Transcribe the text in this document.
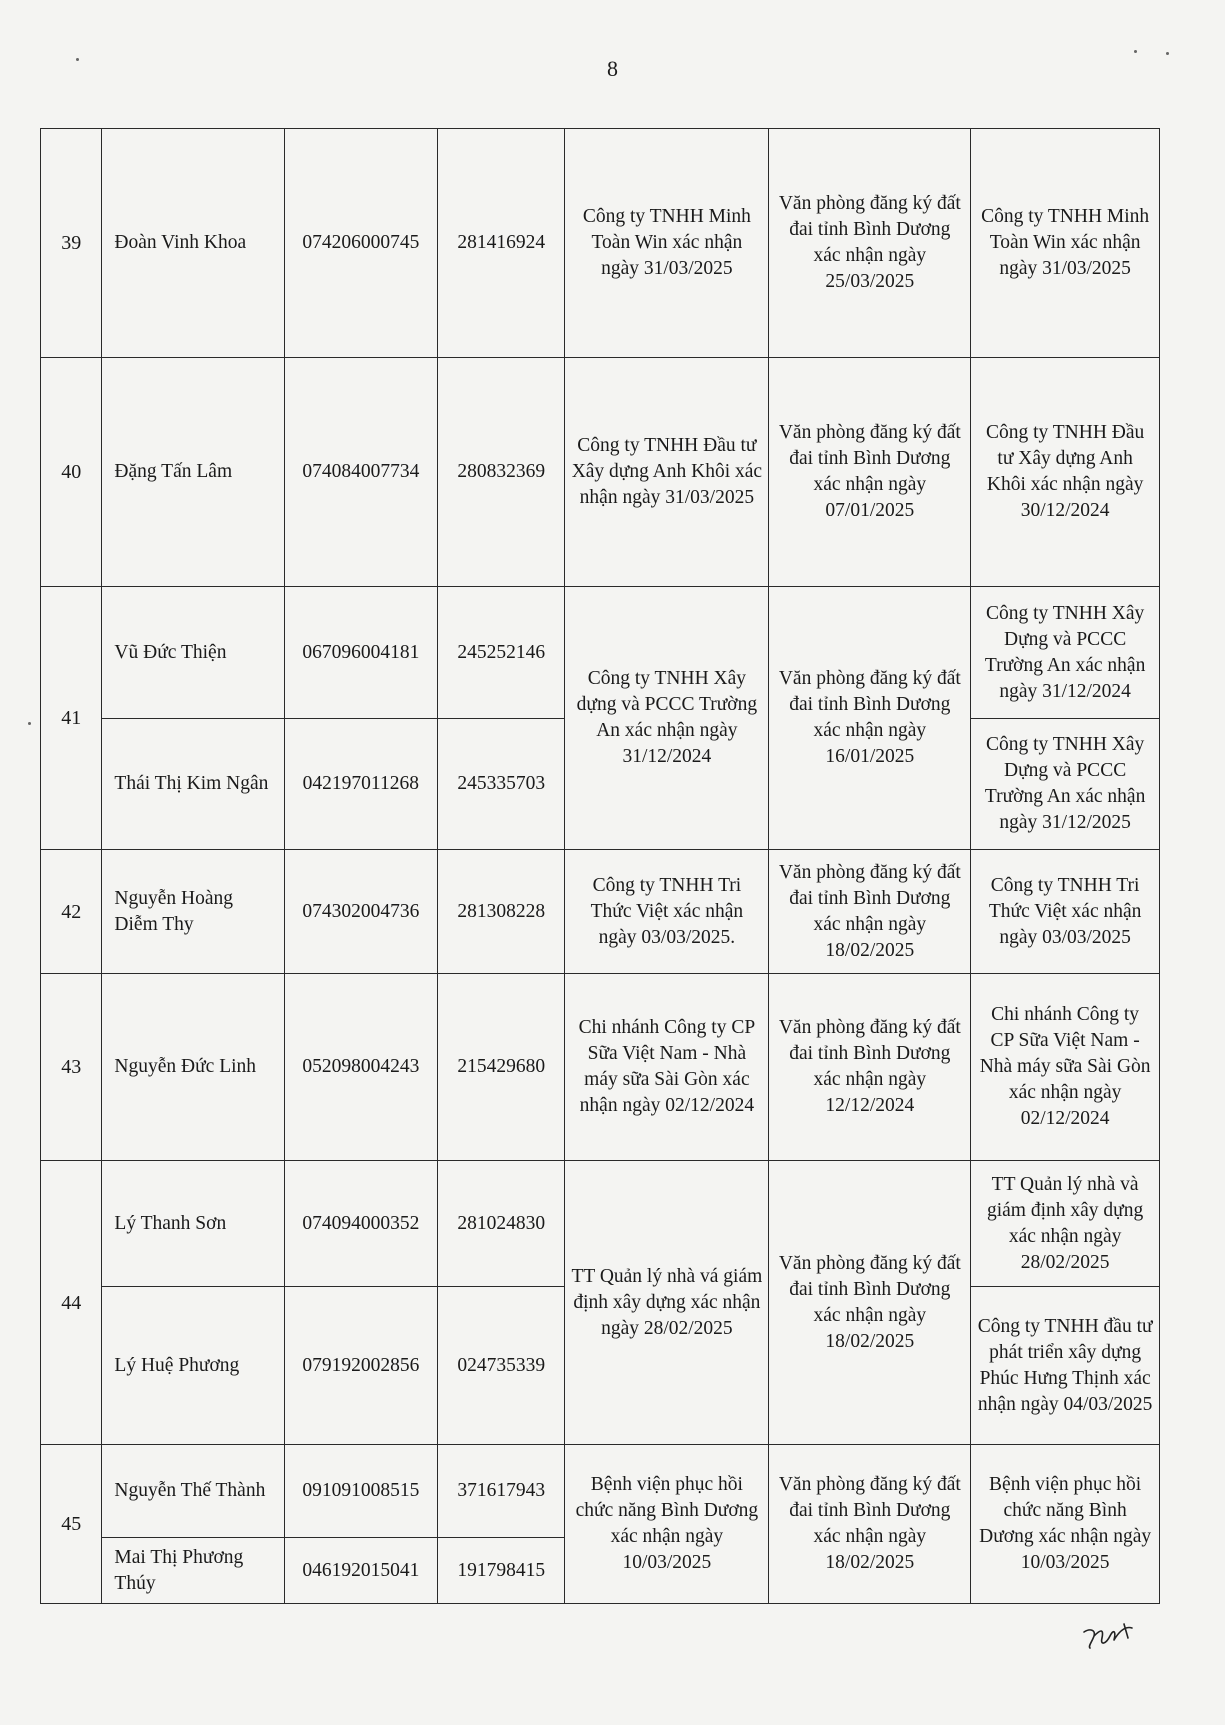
8
39	Đoàn Vinh Khoa	074206000745	281416924	Công ty TNHH Minh Toàn Win xác nhận ngày 31/03/2025	Văn phòng đăng ký đất đai tỉnh Bình Dương xác nhận ngày 25/03/2025	Công ty TNHH Minh Toàn Win xác nhận ngày 31/03/2025
40	Đặng Tấn Lâm	074084007734	280832369	Công ty TNHH Đầu tư Xây dựng Anh Khôi xác nhận ngày 31/03/2025	Văn phòng đăng ký đất đai tỉnh Bình Dương xác nhận ngày 07/01/2025	Công ty TNHH Đầu tư Xây dựng Anh Khôi xác nhận ngày 30/12/2024
41	Vũ Đức Thiện	067096004181	245252146	Công ty TNHH Xây dựng và PCCC Trường An xác nhận ngày 31/12/2024	Văn phòng đăng ký đất đai tỉnh Bình Dương xác nhận ngày 16/01/2025	Công ty TNHH Xây Dựng và PCCC Trường An xác nhận ngày 31/12/2024
	Thái Thị Kim Ngân	042197011268	245335703			Công ty TNHH Xây Dựng và PCCC Trường An xác nhận ngày 31/12/2025
42	Nguyễn Hoàng Diễm Thy	074302004736	281308228	Công ty TNHH Tri Thức Việt xác nhận ngày 03/03/2025.	Văn phòng đăng ký đất đai tỉnh Bình Dương xác nhận ngày 18/02/2025	Công ty TNHH Tri Thức Việt xác nhận ngày 03/03/2025
43	Nguyễn Đức Linh	052098004243	215429680	Chi nhánh Công ty CP Sữa Việt Nam - Nhà máy sữa Sài Gòn xác nhận ngày 02/12/2024	Văn phòng đăng ký đất đai tỉnh Bình Dương xác nhận ngày 12/12/2024	Chi nhánh Công ty CP Sữa Việt Nam - Nhà máy sữa Sài Gòn xác nhận ngày 02/12/2024
44	Lý Thanh Sơn	074094000352	281024830	TT Quản lý nhà vá giám định xây dựng xác nhận ngày 28/02/2025	Văn phòng đăng ký đất đai tỉnh Bình Dương xác nhận ngày 18/02/2025	TT Quản lý nhà và giám định xây dựng xác nhận ngày 28/02/2025
	Lý Huệ Phương	079192002856	024735339			Công ty TNHH đầu tư phát triển xây dựng Phúc Hưng Thịnh xác nhận ngày 04/03/2025
45	Nguyễn Thế Thành	091091008515	371617943	Bệnh viện phục hồi chức năng Bình Dương xác nhận ngày 10/03/2025	Văn phòng đăng ký đất đai tỉnh Bình Dương xác nhận ngày 18/02/2025	Bệnh viện phục hồi chức năng Bình Dương xác nhận ngày 10/03/2025
	Mai Thị Phương Thúy	046192015041	191798415			
